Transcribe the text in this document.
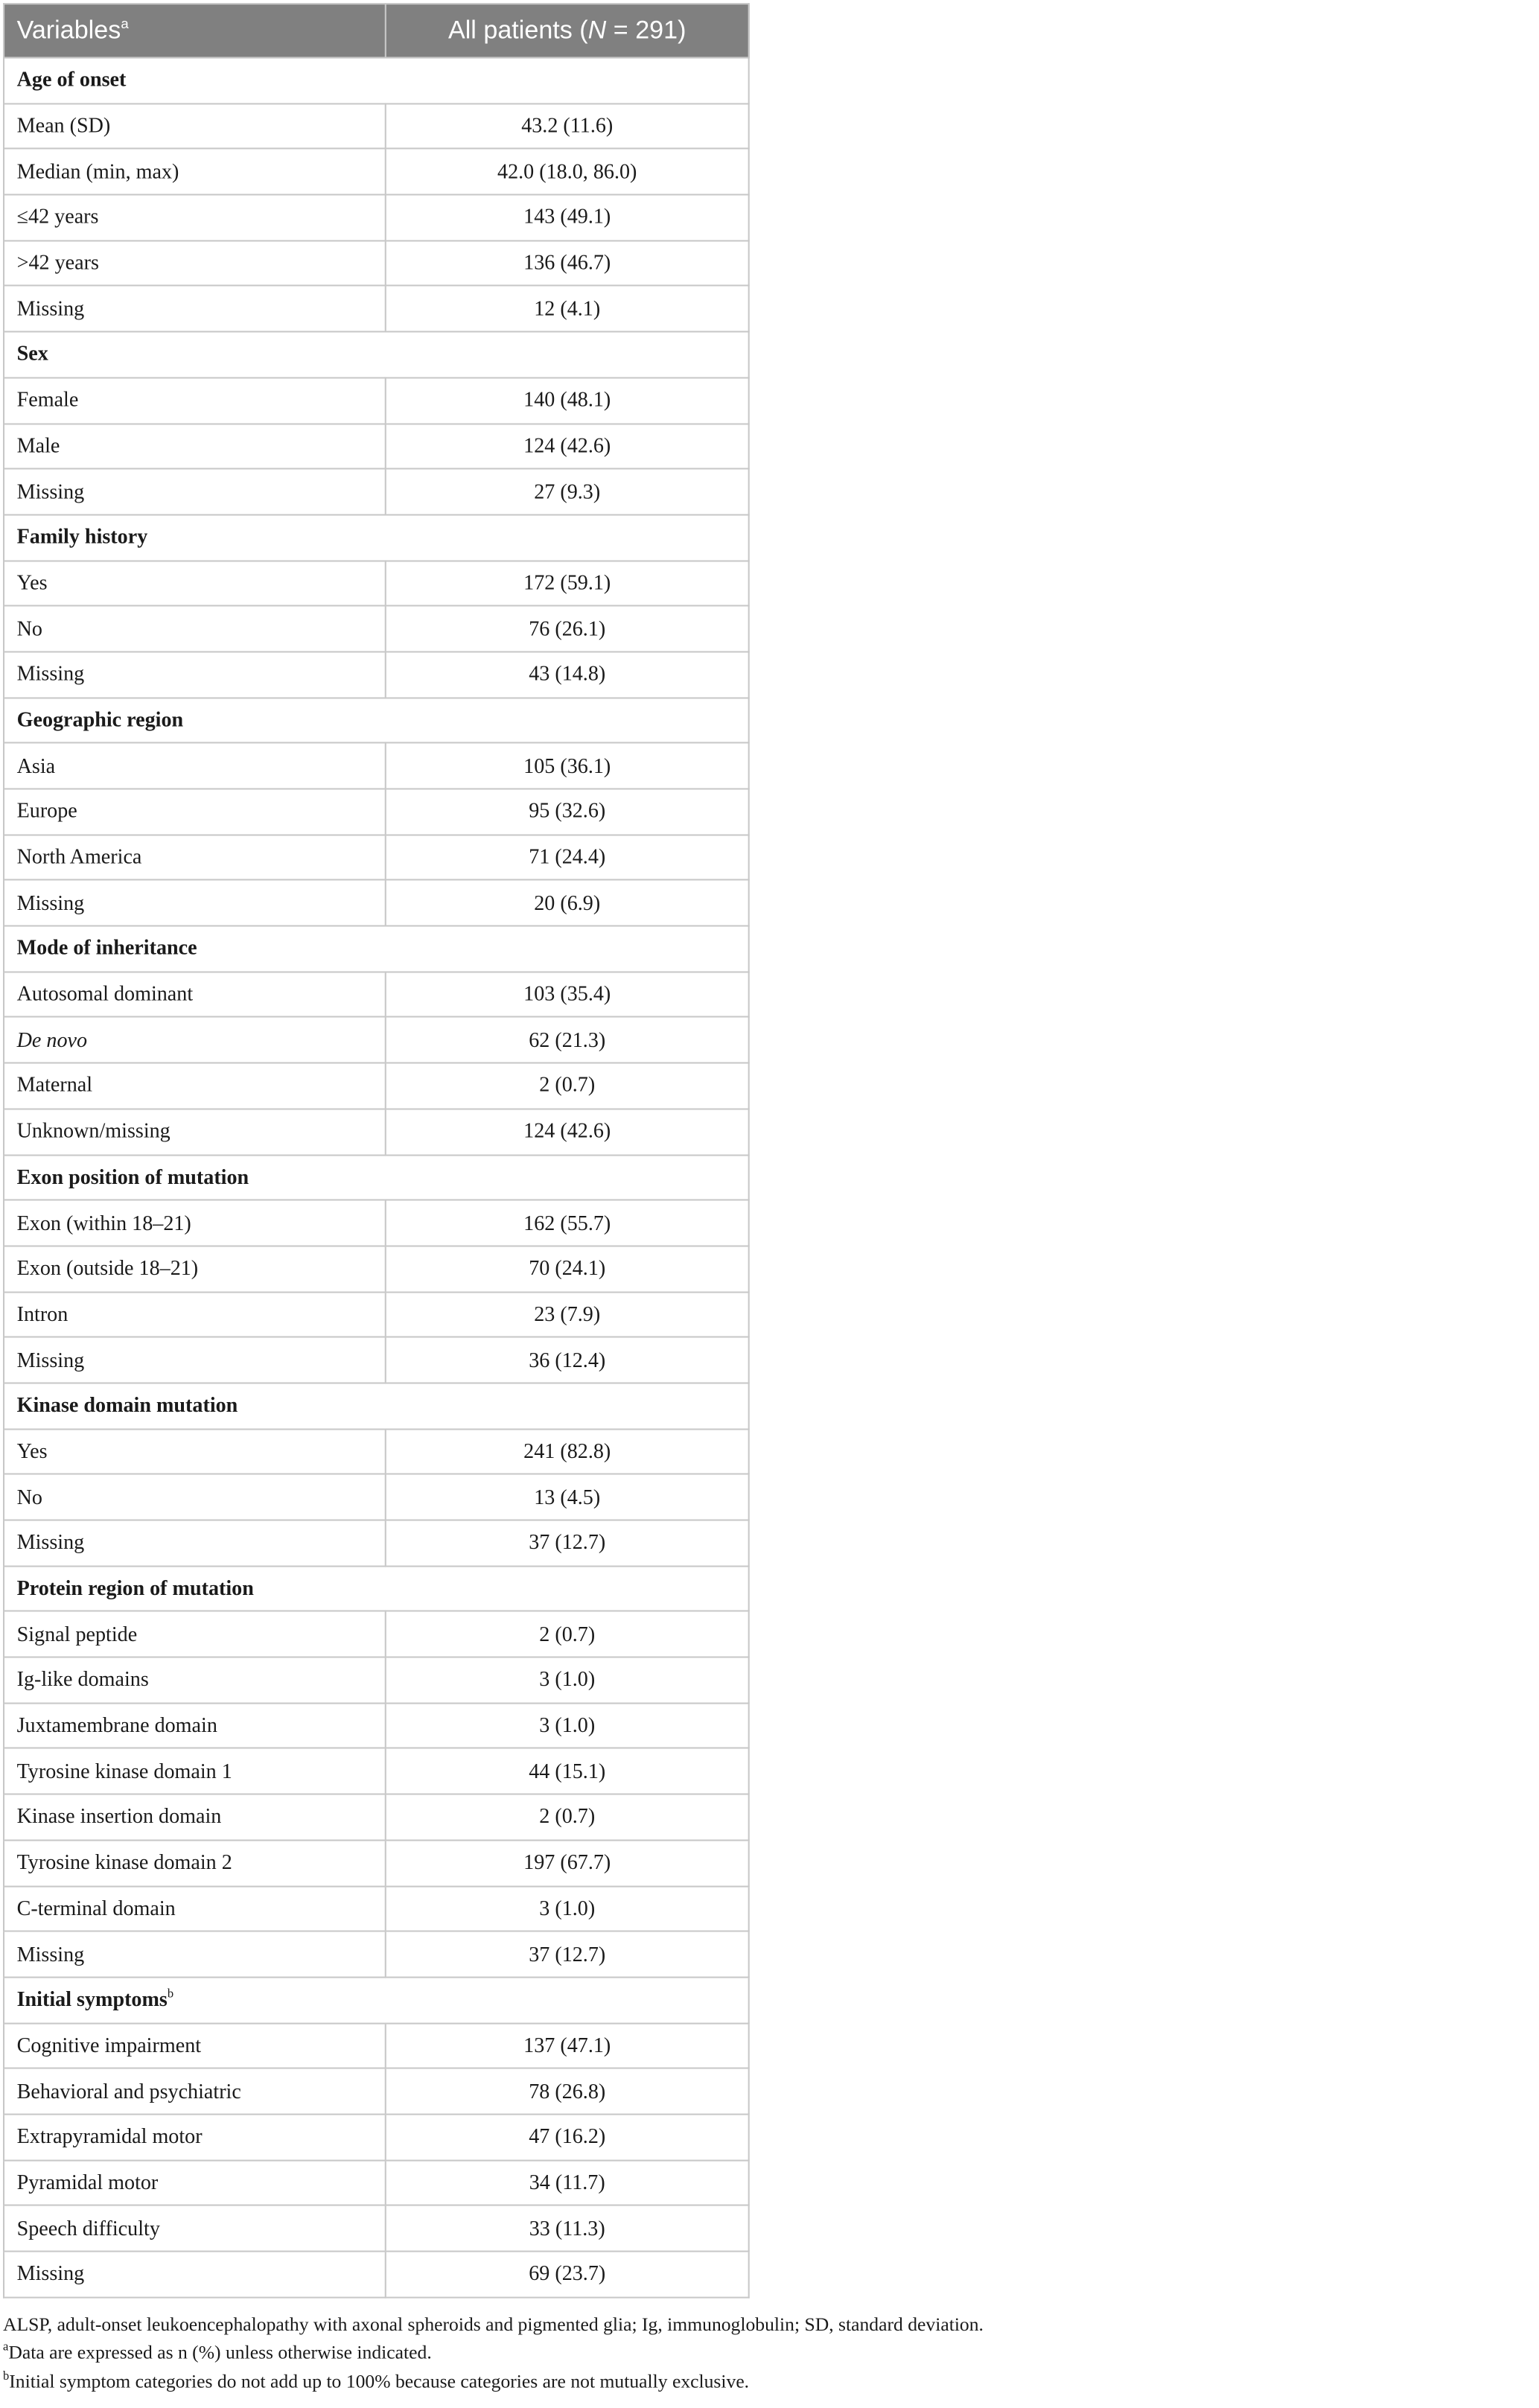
Variables$^a$	All patients (N = 291)
Age of onset	
Mean (SD)	43.2 (11.6)
Median (min, max)	42.0 (18.0, 86.0)
≤42 years	143 (49.1)
>42 years	136 (46.7)
Missing	12 (4.1)
Sex	
Female	140 (48.1)
Male	124 (42.6)
Missing	27 (9.3)
Family history	
Yes	172 (59.1)
No	76 (26.1)
Missing	43 (14.8)
Geographic region	
Asia	105 (36.1)
Europe	95 (32.6)
North America	71 (24.4)
Missing	20 (6.9)
Mode of inheritance	
Autosomal dominant	103 (35.4)
De novo	62 (21.3)
Maternal	2 (0.7)
Unknown/missing	124 (42.6)
Exon position of mutation	
Exon (within 18–21)	162 (55.7)
Exon (outside 18–21)	70 (24.1)
Intron	23 (7.9)
Missing	36 (12.4)
Kinase domain mutation	
Yes	241 (82.8)
No	13 (4.5)
Missing	37 (12.7)
Protein region of mutation	
Signal peptide	2 (0.7)
Ig-like domains	3 (1.0)
Juxtamembrane domain	3 (1.0)
Tyrosine kinase domain 1	44 (15.1)
Kinase insertion domain	2 (0.7)
Tyrosine kinase domain 2	197 (67.7)
C-terminal domain	3 (1.0)
Missing	37 (12.7)
Initial symptoms$^b$
Cognitive impairment	137 (47.1)
Behavioral and psychiatric	78 (26.8)
Extrapyramidal motor	47 (16.2)
Pyramidal motor	34 (11.7)
Speech difficulty	33 (11.3)
Missing	69 (23.7)

ALSP, adult-onset leukoencephalopathy with axonal spheroids and pigmented glia; Ig, immunoglobulin; SD, standard deviation.

$^a$Data are expressed as n (%) unless otherwise indicated.

$^b$Initial symptom categories do not add up to 100% because categories are not mutually exclusive.
